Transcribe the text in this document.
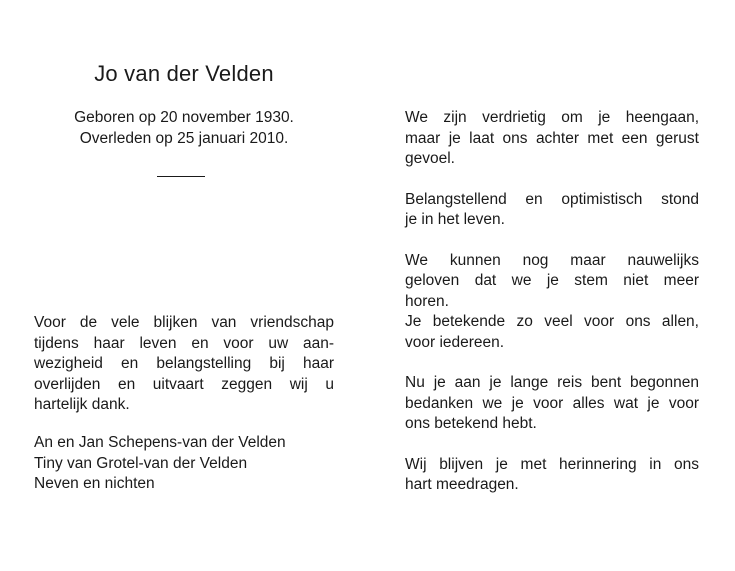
Jo van der Velden
Geboren op 20 november 1930.
Overleden op 25 januari 2010.
Voor de vele blijken van vriendschap
tijdens haar leven en voor uw aan-
wezigheid en belangstelling bij haar
overlijden en uitvaart zeggen wij u
hartelijk dank.
An en Jan Schepens-van der Velden
Tiny van Grotel-van der Velden
Neven en nichten
We zijn verdrietig om je heengaan,
maar je laat ons achter met een gerust
gevoel.
Belangstellend en optimistisch stond
je in het leven.
We kunnen nog maar nauwelijks
geloven dat we je stem niet meer
horen.
Je betekende zo veel voor ons allen,
voor iedereen.
Nu je aan je lange reis bent begonnen
bedanken we je voor alles wat je voor
ons betekend hebt.
Wij blijven je met herinnering in ons
hart meedragen.
